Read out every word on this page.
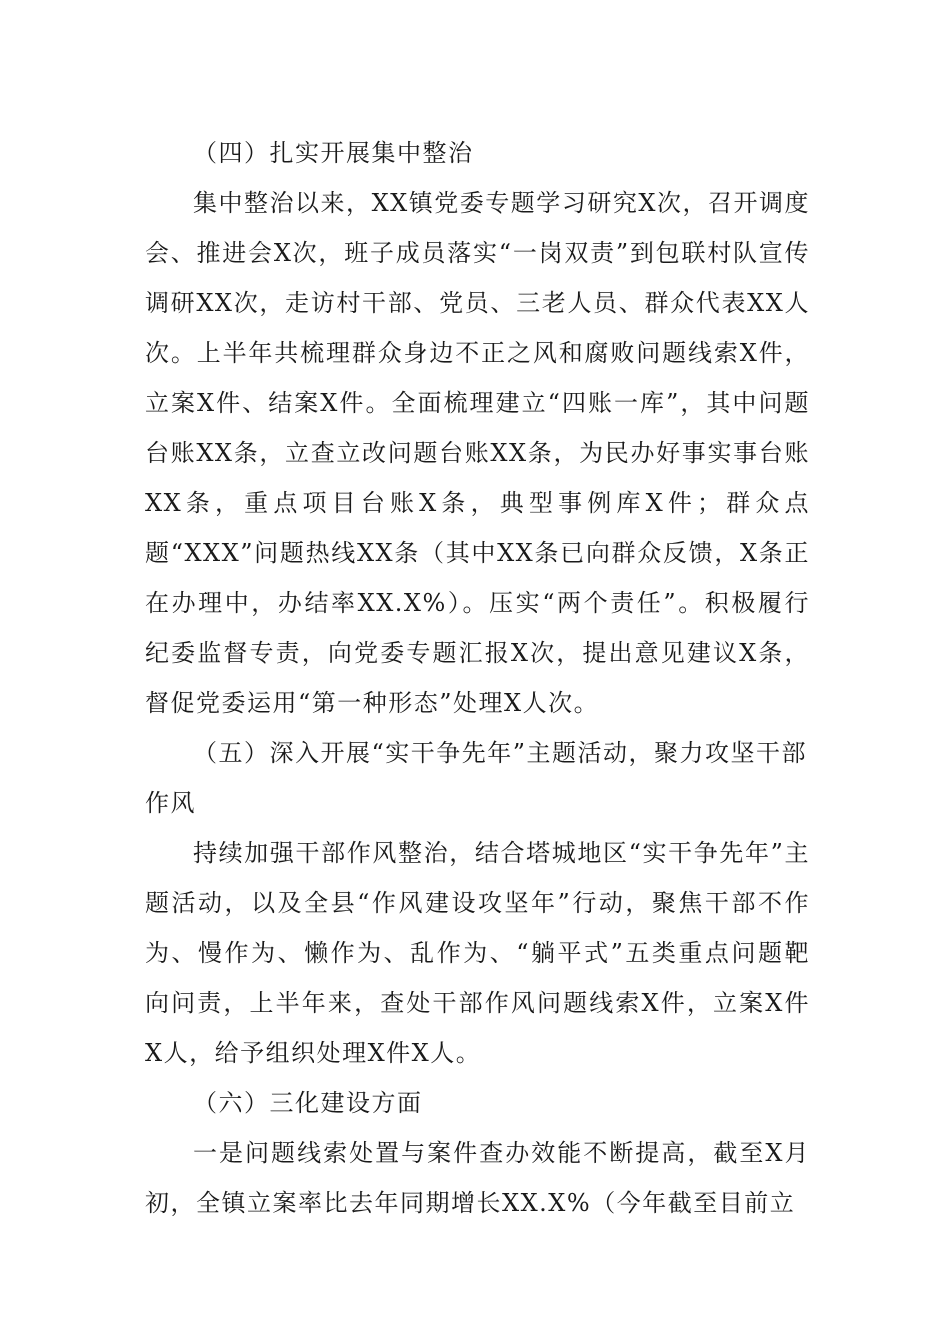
（四）扎实开展集中整治

集中整治以来，XX镇党委专题学习研究X次，召开调度会、推进会X次，班子成员落实“一岗双责”到包联村队宣传调研XX次，走访村干部、党员、三老人员、群众代表XX人次。上半年共梳理群众身边不正之风和腐败问题线索X件，立案X件、结案X件。全面梳理建立“四账一库”，其中问题台账XX条，立查立改问题台账XX条，为民办好事实事台账XX条，重点项目台账X条，典型事例库X件；群众点题“XXX”问题热线XX条（其中XX条已向群众反馈，X条正在办理中，办结率XX.X%）。压实“两个责任”。积极履行纪委监督专责，向党委专题汇报X次，提出意见建议X条，督促党委运用“第一种形态”处理X人次。

（五）深入开展“实干争先年”主题活动，聚力攻坚干部作风

持续加强干部作风整治，结合塔城地区“实干争先年”主题活动，以及全县“作风建设攻坚年”行动，聚焦干部不作为、慢作为、懒作为、乱作为、“躺平式”五类重点问题靶向问责，上半年来，查处干部作风问题线索X件，立案X件X人，给予组织处理X件X人。

（六）三化建设方面

一是问题线索处置与案件查办效能不断提高，截至X月初，全镇立案率比去年同期增长XX.X%（今年截至目前立
